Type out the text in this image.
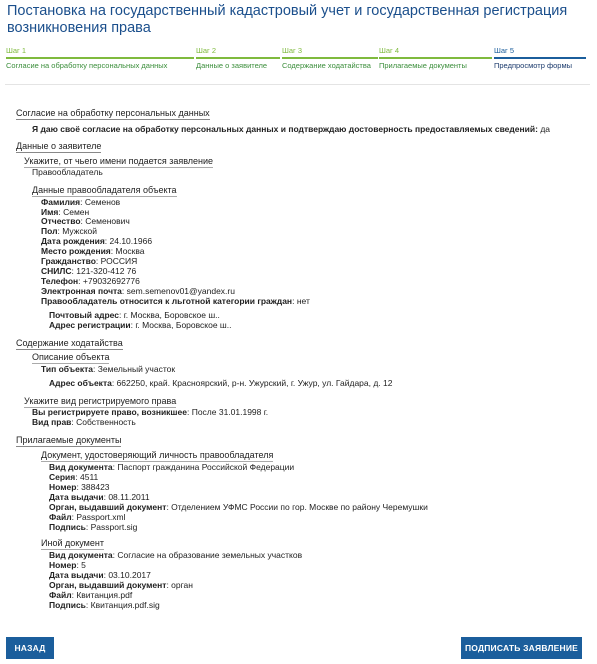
Постановка на государственный кадастровый учет и государственная регистрация возникновения права
Шаг 1
Согласие на обработку персональных данных
Шаг 2
Данные о заявителе
Шаг 3
Содержание ходатайства
Шаг 4
Прилагаемые документы
Шаг 5
Предпросмотр формы
Согласие на обработку персональных данных
Я даю своё согласие на обработку персональных данных и подтверждаю достоверность предоставляемых сведений: да
Данные о заявителе
Укажите, от чьего имени подается заявление
Правообладатель
Данные правообладателя объекта
Фамилия: Семенов
Имя: Семен
Отчество: Семенович
Пол: Мужской
Дата рождения: 24.10.1966
Место рождения: Москва
Гражданство: РОССИЯ
СНИЛС: 121-320-412 76
Телефон: +79032692776
Электронная почта: sem.semenov01@yandex.ru
Правообладатель относится к льготной категории граждан: нет
Почтовый адрес: г. Москва, Боровское ш..
Адрес регистрации: г. Москва, Боровское ш..
Содержание ходатайства
Описание объекта
Тип объекта: Земельный участок
Адрес объекта: 662250, край. Красноярский, р-н. Ужурский, г. Ужур, ул. Гайдара, д. 12
Укажите вид регистрируемого права
Вы регистрируете право, возникшее: После 31.01.1998 г.
Вид прав: Собственность
Прилагаемые документы
Документ, удостоверяющий личность правообладателя
Вид документа: Паспорт гражданина Российской Федерации
Серия: 4511
Номер: 388423
Дата выдачи: 08.11.2011
Орган, выдавший документ: Отделением УФМС России по гор. Москве по району Черемушки
Файл: Passport.xml
Подпись: Passport.sig
Иной документ
Вид документа: Согласие на образование земельных участков
Номер: 5
Дата выдачи: 03.10.2017
Орган, выдавший документ: орган
Файл: Квитанция.pdf
Подпись: Квитанция.pdf.sig
НАЗАД	ПОДПИСАТЬ ЗАЯВЛЕНИЕ
